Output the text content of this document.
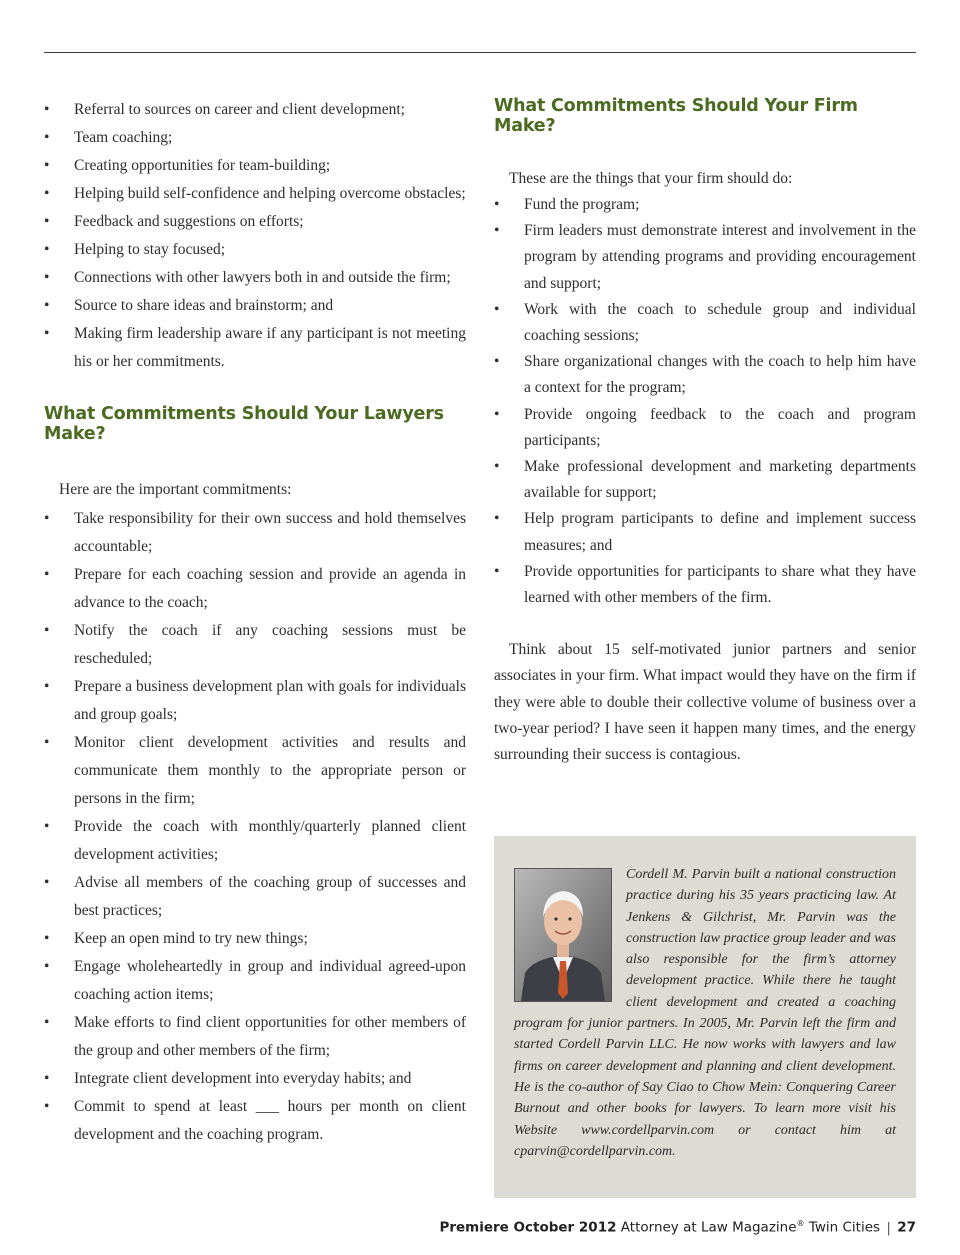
• Referral to sources on career and client development;
• Team coaching;
• Creating opportunities for team-building;
• Helping build self-confidence and helping overcome obstacles;
• Feedback and suggestions on efforts;
• Helping to stay focused;
• Connections with other lawyers both in and outside the firm;
• Source to share ideas and brainstorm; and
• Making firm leadership aware if any participant is not meeting his or her commitments.
What Commitments Should Your Lawyers Make?

Here are the important commitments:

• Take responsibility for their own success and hold themselves accountable;
• Prepare for each coaching session and provide an agenda in advance to the coach;
• Notify the coach if any coaching sessions must be rescheduled;
• Prepare a business development plan with goals for individuals and group goals;
• Monitor client development activities and results and communicate them monthly to the appropriate person or persons in the firm;
• Provide the coach with monthly/quarterly planned client development activities;
• Advise all members of the coaching group of successes and best practices;
• Keep an open mind to try new things;
• Engage wholeheartedly in group and individual agreed-upon coaching action items;
• Make efforts to find client opportunities for other members of the group and other members of the firm;
• Integrate client development into everyday habits; and
• Commit to spend at least ___ hours per month on client development and the coaching program.
What Commitments Should Your Firm Make?

These are the things that your firm should do:

• Fund the program;
• Firm leaders must demonstrate interest and involvement in the program by attending programs and providing encouragement and support;
• Work with the coach to schedule group and individual coaching sessions;
• Share organizational changes with the coach to help him have a context for the program;
• Provide ongoing feedback to the coach and program participants;
• Make professional development and marketing departments available for support;
• Help program participants to define and implement success measures; and
• Provide opportunities for participants to share what they have learned with other members of the firm.

Think about 15 self-motivated junior partners and senior associates in your firm. What impact would they have on the firm if they were able to double their collective volume of business over a two-year period? I have seen it happen many times, and the energy surrounding their success is contagious.

Cordell M. Parvin built a national construction practice during his 35 years practicing law. At Jenkens & Gilchrist, Mr. Parvin was the construction law practice group leader and was also responsible for the firm’s attorney development practice. While there he taught client development and created a coaching program for junior partners. In 2005, Mr. Parvin left the firm and started Cordell Parvin LLC. He now works with lawyers and law firms on career development and planning and client development. He is the co-author of Say Ciao to Chow Mein: Conquering Career Burnout and other books for lawyers. To learn more visit his Website www.cordellparvin.com or contact him at cparvin@cordellparvin.com.

Premiere October 2012 Attorney at Law Magazine® Twin Cities | 27
